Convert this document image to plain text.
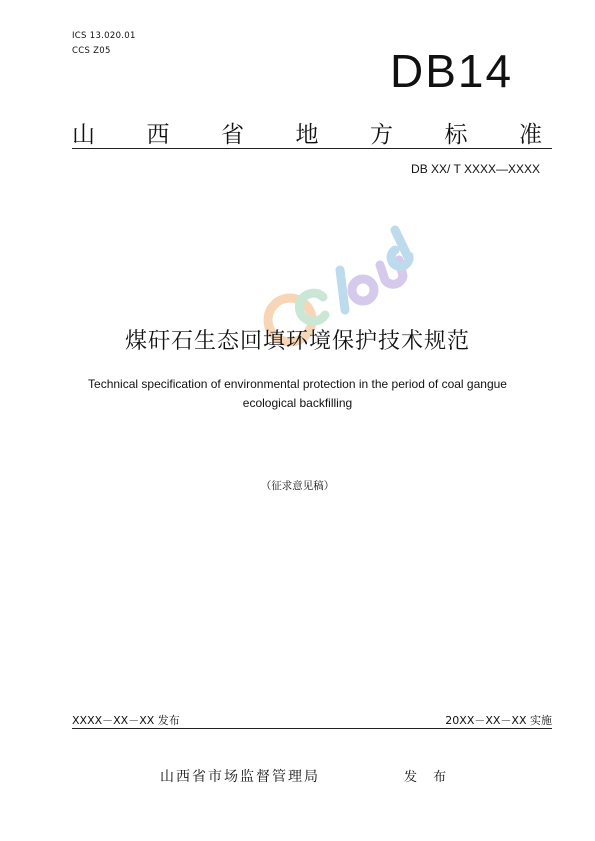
ICS 13.020.01
CCS Z05	DB14
山 西 省 地 方 标 准
DB XX/ T XXXX—XXXX
煤矸石生态回填环境保护技术规范
Technical specification of environmental protection in the period of coal gangue ecological backfilling
（征求意见稿）
XXXX－XX－XX 发布	20XX－XX－XX 实施
山西省市场监督管理局	发 布
